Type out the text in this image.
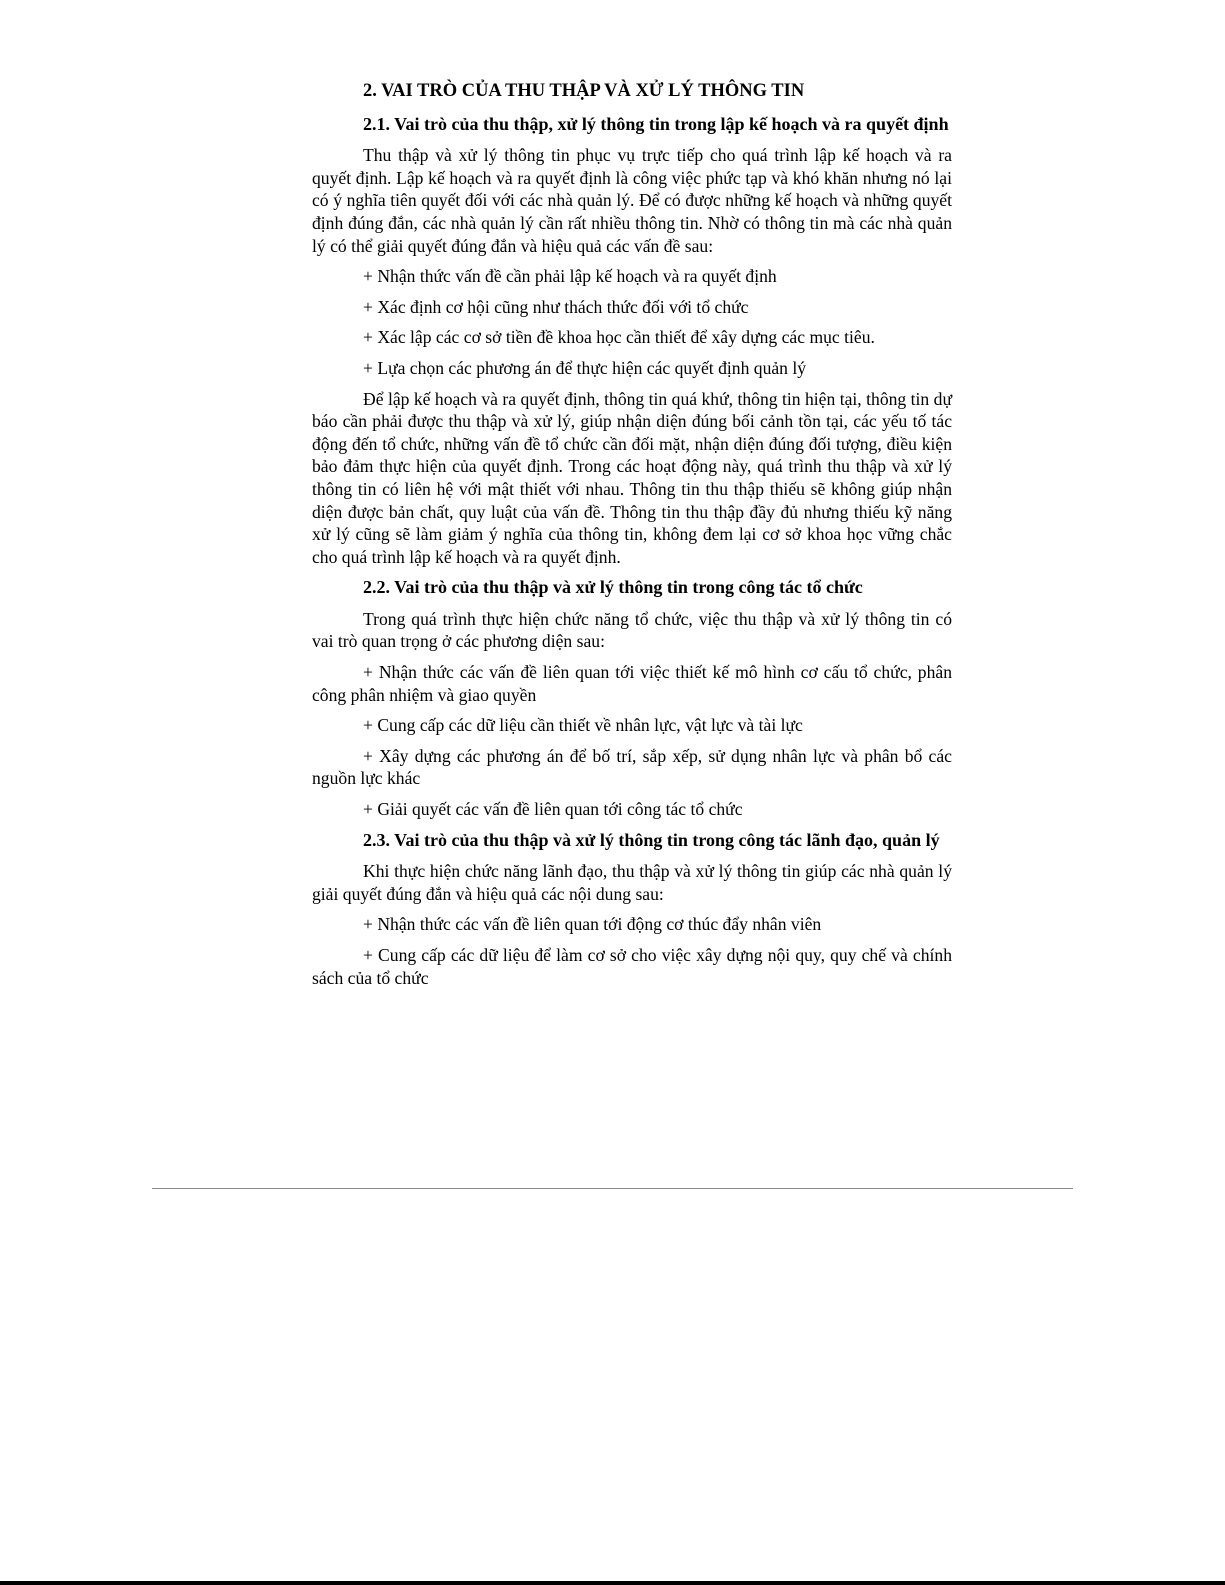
2. VAI TRÒ CỦA THU THẬP VÀ XỬ LÝ THÔNG TIN
2.1. Vai trò của thu thập, xử lý thông tin trong lập kế hoạch và ra quyết định

Thu thập và xử lý thông tin phục vụ trực tiếp cho quá trình lập kế hoạch và ra quyết định. Lập kế hoạch và ra quyết định là công việc phức tạp và khó khăn nhưng nó lại có ý nghĩa tiên quyết đối với các nhà quản lý. Để có được những kế hoạch và những quyết định đúng đắn, các nhà quản lý cần rất nhiều thông tin. Nhờ có thông tin mà các nhà quản lý có thể giải quyết đúng đắn và hiệu quả các vấn đề sau:

+ Nhận thức vấn đề cần phải lập kế hoạch và ra quyết định

+ Xác định cơ hội cũng như thách thức đối với tổ chức

+ Xác lập các cơ sở tiền đề khoa học cần thiết để xây dựng các mục tiêu.

+ Lựa chọn các phương án để thực hiện các quyết định quản lý

Để lập kế hoạch và ra quyết định, thông tin quá khứ, thông tin hiện tại, thông tin dự báo cần phải được thu thập và xử lý, giúp nhận diện đúng bối cảnh tồn tại, các yếu tố tác động đến tổ chức, những vấn đề tổ chức cần đối mặt, nhận diện đúng đối tượng, điều kiện bảo đảm thực hiện của quyết định. Trong các hoạt động này, quá trình thu thập và xử lý thông tin có liên hệ với mật thiết với nhau. Thông tin thu thập thiếu sẽ không giúp nhận diện được bản chất, quy luật của vấn đề. Thông tin thu thập đầy đủ nhưng thiếu kỹ năng xử lý cũng sẽ làm giảm ý nghĩa của thông tin, không đem lại cơ sở khoa học vững chắc cho quá trình lập kế hoạch và ra quyết định.

2.2. Vai trò của thu thập và xử lý thông tin trong công tác tổ chức

Trong quá trình thực hiện chức năng tổ chức, việc thu thập và xử lý thông tin có vai trò quan trọng ở các phương diện sau:

+ Nhận thức các vấn đề liên quan tới việc thiết kế mô hình cơ cấu tổ chức, phân công phân nhiệm và giao quyền

+ Cung cấp các dữ liệu cần thiết về nhân lực, vật lực và tài lực

+ Xây dựng các phương án để bố trí, sắp xếp, sử dụng nhân lực và phân bổ các nguồn lực khác

+ Giải quyết các vấn đề liên quan tới công tác tổ chức

2.3. Vai trò của thu thập và xử lý thông tin trong công tác lãnh đạo, quản lý

Khi thực hiện chức năng lãnh đạo, thu thập và xử lý thông tin giúp các nhà quản lý giải quyết đúng đắn và hiệu quả các nội dung sau:

+ Nhận thức các vấn đề liên quan tới động cơ thúc đẩy nhân viên

+ Cung cấp các dữ liệu để làm cơ sở cho việc xây dựng nội quy, quy chế và chính sách của tổ chức
